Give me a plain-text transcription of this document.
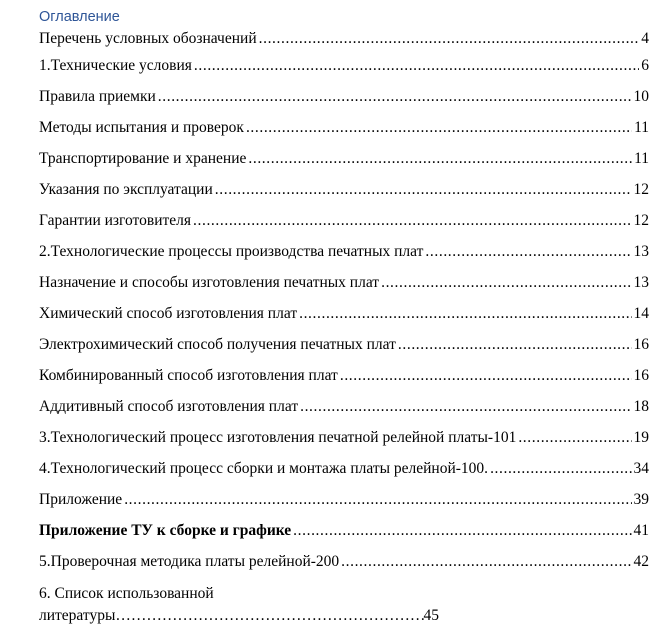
Оглавление
Перечень условных обозначений .....	4
1.Технические условия .....	6
Правила приемки .....	10
Методы испытания и проверок .....	11
Транспортирование и хранение .....	11
Указания по эксплуатации .....	12
Гарантии изготовителя .....	12
2.Технологические процессы производства печатных плат .....	13
Назначение и способы изготовления печатных плат .....	13
Химический способ изготовления плат .....	14
Электрохимический способ получения печатных плат .....	16
Комбинированный способ изготовления плат .....	16
Аддитивный способ изготовления плат .....	18
3.Технологический процесс изготовления печатной релейной платы-101 .....	19
4.Технологический процесс сборки и монтажа платы релейной-100. .....	34
Приложение .....	39
Приложение ТУ к сборке и графике .....	41
5.Проверочная методика платы релейной-200 .....	42
6. Список использованной
литературы …………………………………………………………………………………………………………	45
